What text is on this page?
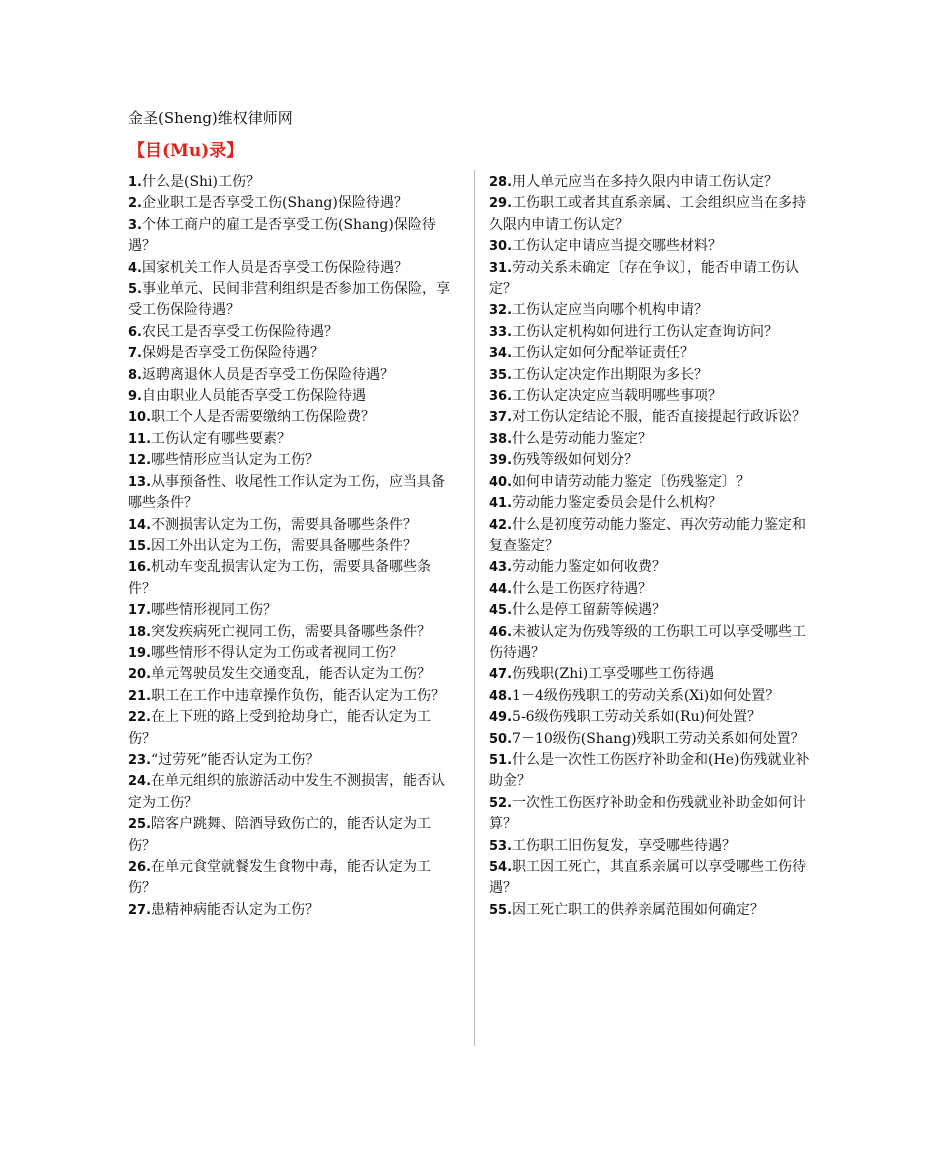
金圣(Sheng)维权律师网
【目(Mu)录】

1.什么是(Shi)工伤？

2.企业职工是否享受工伤(Shang)保险待遇？

3.个体工商户的雇工是否享受工伤(Shang)保险待遇？

4.国家机关工作人员是否享受工伤保险待遇？

5.事业单元、民间非营利组织是否参加工伤保险，享受工伤保险待遇？

6.农民工是否享受工伤保险待遇？

7.保姆是否享受工伤保险待遇？

8.返聘离退休人员是否享受工伤保险待遇？

9.自由职业人员能否享受工伤保险待遇

10.职工个人是否需要缴纳工伤保险费？

11.工伤认定有哪些要素？

12.哪些情形应当认定为工伤？

13.从事预备性、收尾性工作认定为工伤，应当具备哪些条件？

14.不测损害认定为工伤，需要具备哪些条件？

15.因工外出认定为工伤，需要具备哪些条件？

16.机动车变乱损害认定为工伤，需要具备哪些条件？

17.哪些情形视同工伤？

18.突发疾病死亡视同工伤，需要具备哪些条件？

19.哪些情形不得认定为工伤或者视同工伤？

20.单元驾驶员发生交通变乱，能否认定为工伤？

21.职工在工作中违章操作负伤，能否认定为工伤？

22.在上下班的路上受到抢劫身亡，能否认定为工伤？

23.“过劳死”能否认定为工伤？

24.在单元组织的旅游活动中发生不测损害，能否认定为工伤？

25.陪客户跳舞、陪酒导致伤亡的，能否认定为工伤？

26.在单元食堂就餐发生食物中毒，能否认定为工伤？

27.患精神病能否认定为工伤？

28.用人单元应当在多持久限内申请工伤认定？

29.工伤职工或者其直系亲属、工会组织应当在多持久限内申请工伤认定？

30.工伤认定申请应当提交哪些材料？

31.劳动关系未确定〔存在争议〕，能否申请工伤认定？

32.工伤认定应当向哪个机构申请？

33.工伤认定机构如何进行工伤认定查询访问？

34.工伤认定如何分配举证责任？

35.工伤认定决定作出期限为多长？

36.工伤认定决定应当载明哪些事项？

37.对工伤认定结论不服，能否直接提起行政诉讼？

38.什么是劳动能力鉴定？

39.伤残等级如何划分？

40.如何申请劳动能力鉴定〔伤残鉴定〕？

41.劳动能力鉴定委员会是什么机构？

42.什么是初度劳动能力鉴定、再次劳动能力鉴定和复查鉴定？

43.劳动能力鉴定如何收费？

44.什么是工伤医疗待遇？

45.什么是停工留薪等候遇？

46.未被认定为伤残等级的工伤职工可以享受哪些工伤待遇？

47.伤残职(Zhi)工享受哪些工伤待遇

48.1－4级伤残职工的劳动关系(Xi)如何处置？

49.5-6级伤残职工劳动关系如(Ru)何处置？

50.7－10级伤(Shang)残职工劳动关系如何处置？

51.什么是一次性工伤医疗补助金和(He)伤残就业补助金？

52.一次性工伤医疗补助金和伤残就业补助金如何计算？

53.工伤职工旧伤复发，享受哪些待遇？

54.职工因工死亡，其直系亲属可以享受哪些工伤待遇？

55.因工死亡职工的供养亲属范围如何确定？
